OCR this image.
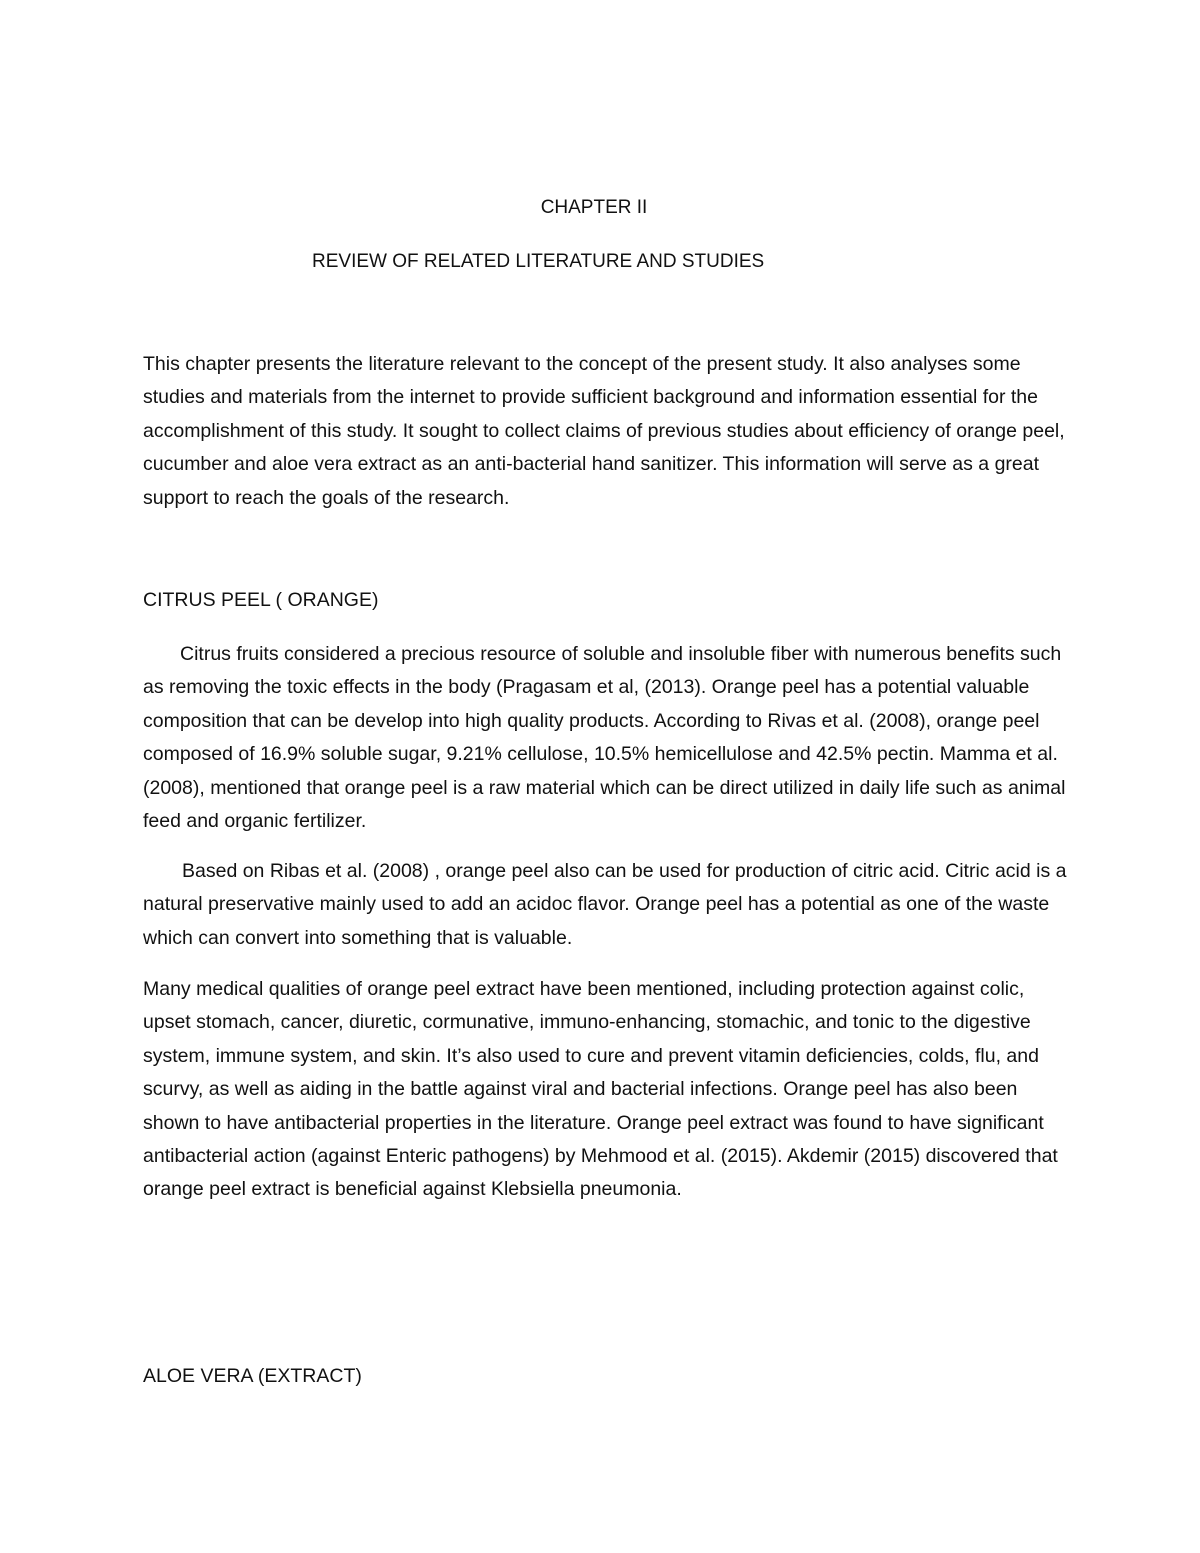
CHAPTER II
REVIEW OF RELATED LITERATURE AND STUDIES

This chapter presents the literature relevant to the concept of the present study. It also analyses some studies and materials from the internet to provide sufficient background and information essential for the accomplishment of this study. It sought to collect claims of previous studies about efficiency of orange peel, cucumber and aloe vera extract as an anti-bacterial hand sanitizer. This information will serve as a great support to reach the goals of the research.

CITRUS PEEL ( ORANGE)

Citrus fruits considered a precious resource of soluble and insoluble fiber with numerous benefits such as removing the toxic effects in the body (Pragasam et al, (2013). Orange peel has a potential valuable composition that can be develop into high quality products. According to Rivas et al. (2008), orange peel composed of 16.9% soluble sugar, 9.21% cellulose, 10.5% hemicellulose and 42.5% pectin. Mamma et al. (2008), mentioned that orange peel is a raw material which can be direct utilized in daily life such as animal feed and organic fertilizer.

Based on Ribas et al. (2008) , orange peel also can be used for production of citric acid. Citric acid is a natural preservative mainly used to add an acidoc flavor. Orange peel has a potential as one of the waste which can convert into something that is valuable.

Many medical qualities of orange peel extract have been mentioned, including protection against colic, upset stomach, cancer, diuretic, cormunative, immuno-enhancing, stomachic, and tonic to the digestive system, immune system, and skin. It’s also used to cure and prevent vitamin deficiencies, colds, flu, and scurvy, as well as aiding in the battle against viral and bacterial infections. Orange peel has also been shown to have antibacterial properties in the literature. Orange peel extract was found to have significant antibacterial action (against Enteric pathogens) by Mehmood et al. (2015). Akdemir (2015) discovered that orange peel extract is beneficial against Klebsiella pneumonia.

ALOE VERA (EXTRACT)
